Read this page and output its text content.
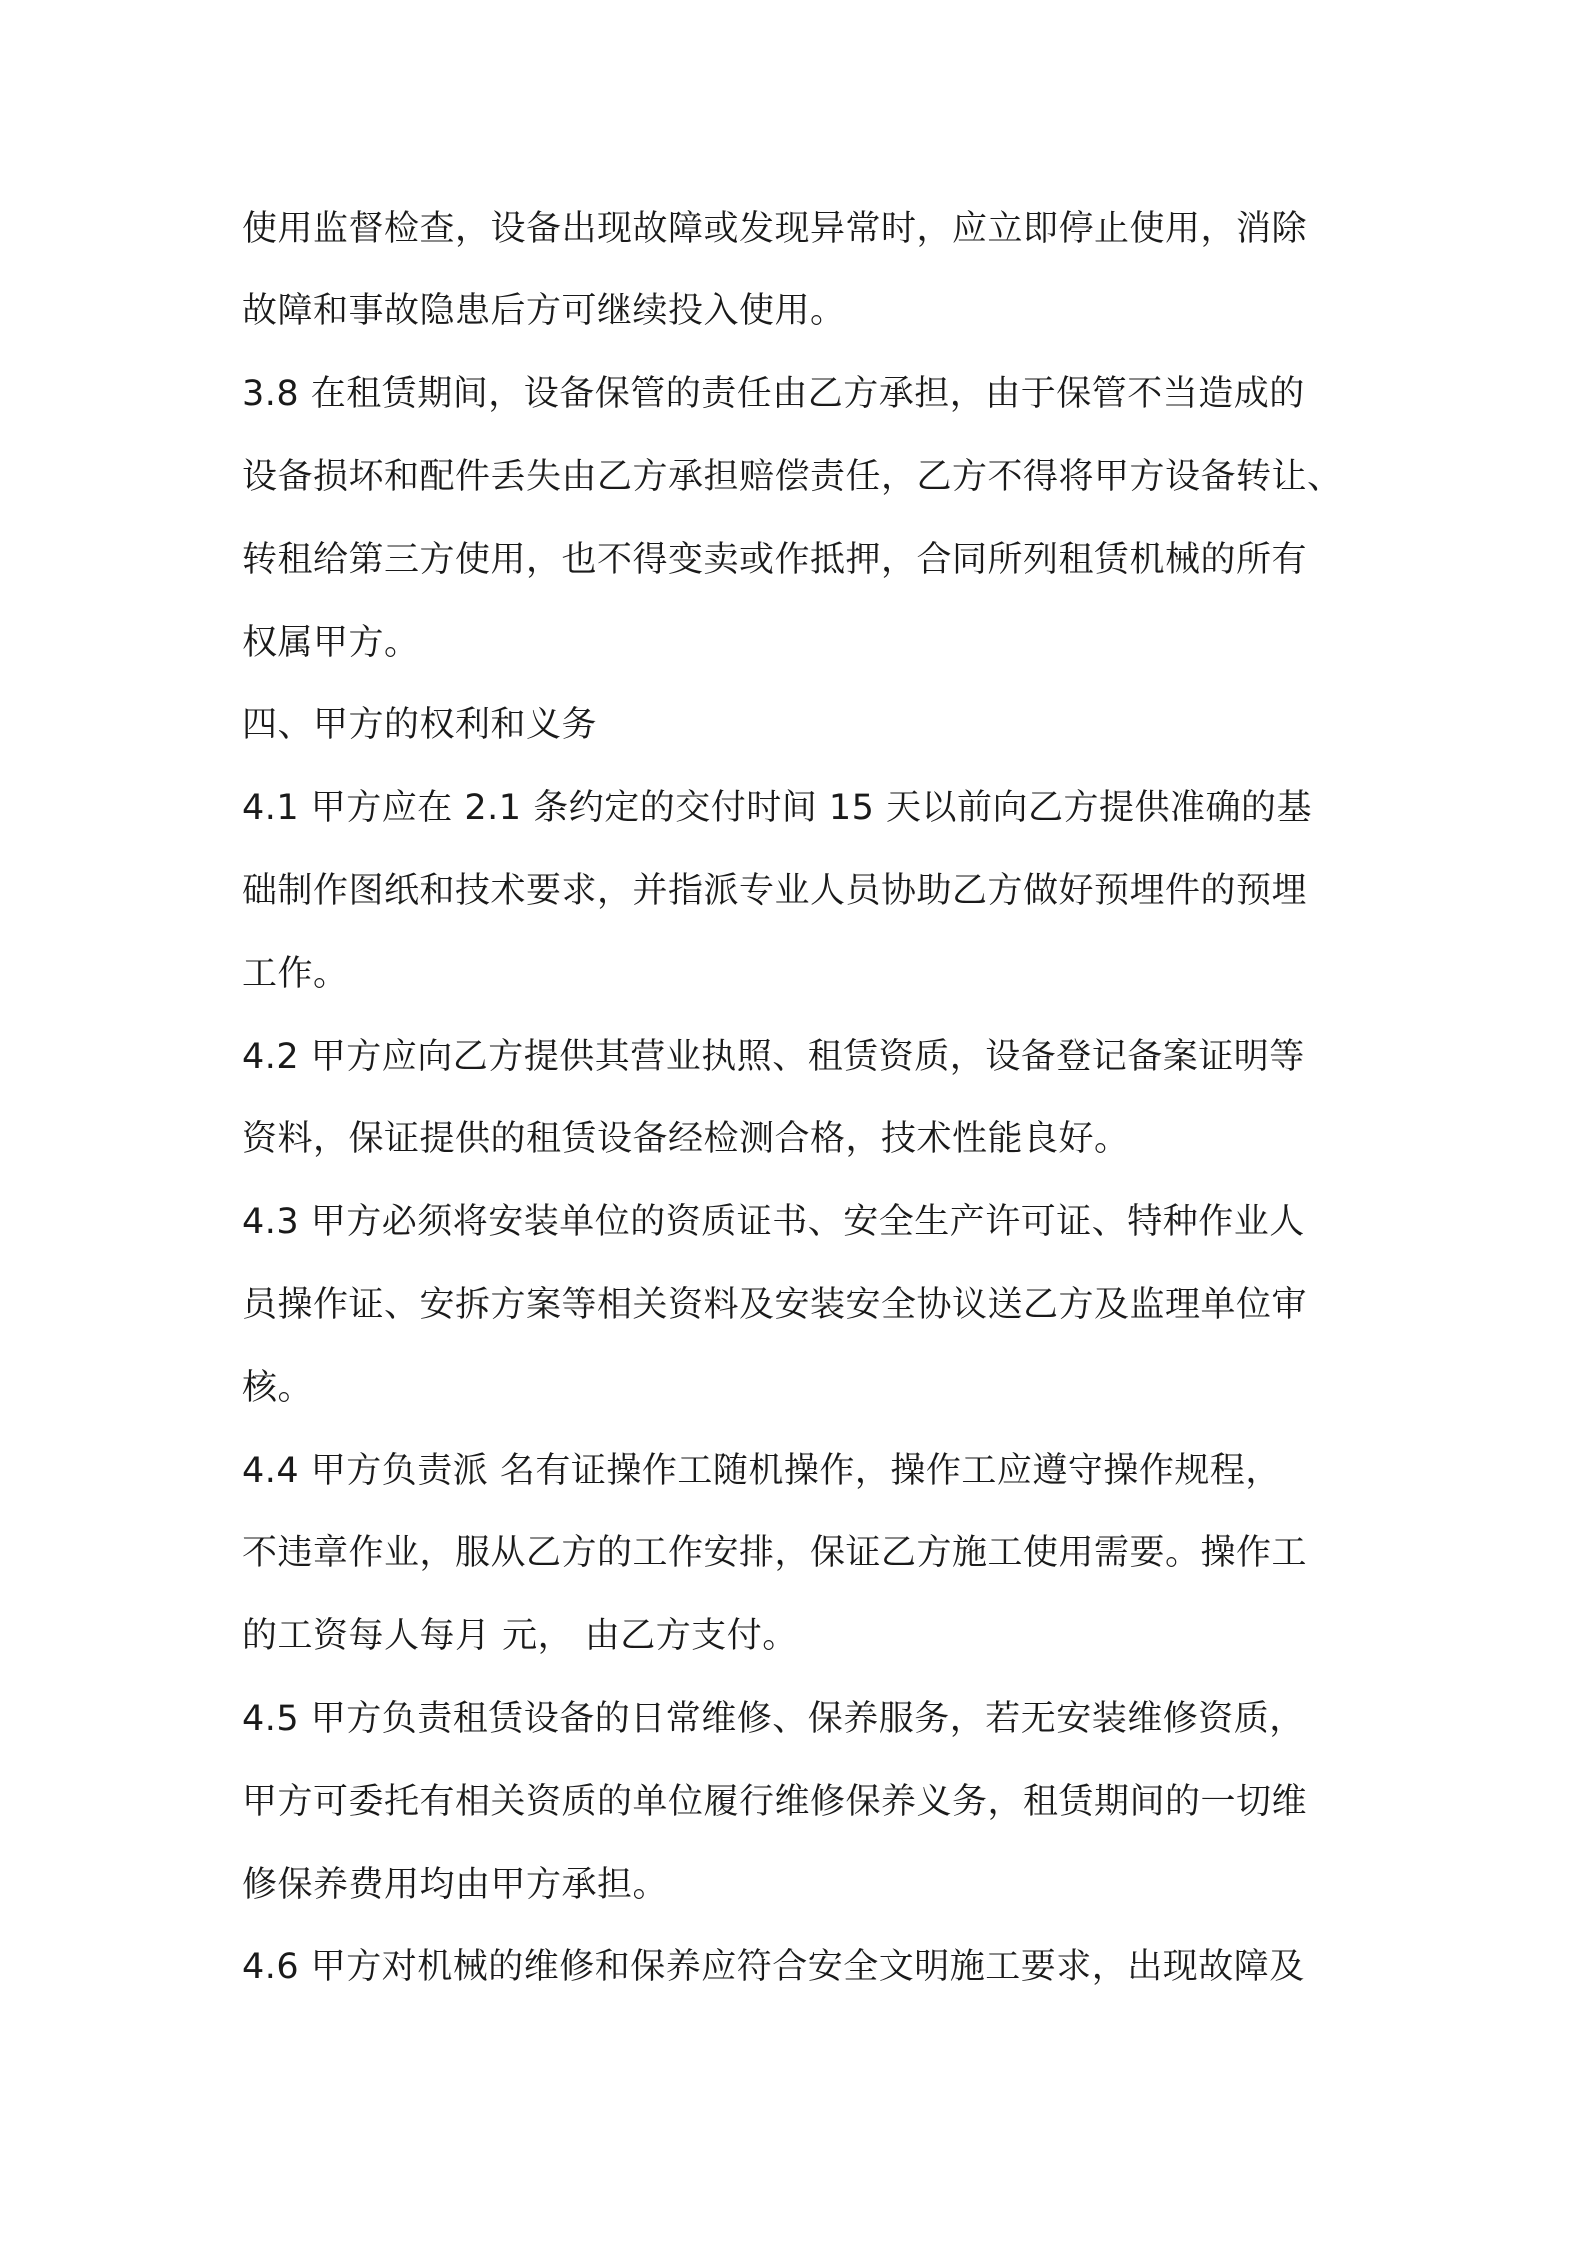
使用监督检查，设备出现故障或发现异常时，应立即停止使用，消除
故障和事故隐患后方可继续投入使用。
3.8 在租赁期间，设备保管的责任由乙方承担，由于保管不当造成的
设备损坏和配件丢失由乙方承担赔偿责任，乙方不得将甲方设备转让、
转租给第三方使用，也不得变卖或作抵押，合同所列租赁机械的所有
权属甲方。
四、甲方的权利和义务
4.1 甲方应在 2.1 条约定的交付时间 15 天以前向乙方提供准确的基
础制作图纸和技术要求，并指派专业人员协助乙方做好预埋件的预埋
工作。
4.2 甲方应向乙方提供其营业执照、租赁资质，设备登记备案证明等
资料，保证提供的租赁设备经检测合格，技术性能良好。
4.3 甲方必须将安装单位的资质证书、安全生产许可证、特种作业人
员操作证、安拆方案等相关资料及安装安全协议送乙方及监理单位审
核。
4.4 甲方负责派 名有证操作工随机操作，操作工应遵守操作规程，
不违章作业，服从乙方的工作安排，保证乙方施工使用需要。操作工
的工资每人每月 元， 由乙方支付。
4.5 甲方负责租赁设备的日常维修、保养服务，若无安装维修资质，
甲方可委托有相关资质的单位履行维修保养义务，租赁期间的一切维
修保养费用均由甲方承担。
4.6 甲方对机械的维修和保养应符合安全文明施工要求，出现故障及
